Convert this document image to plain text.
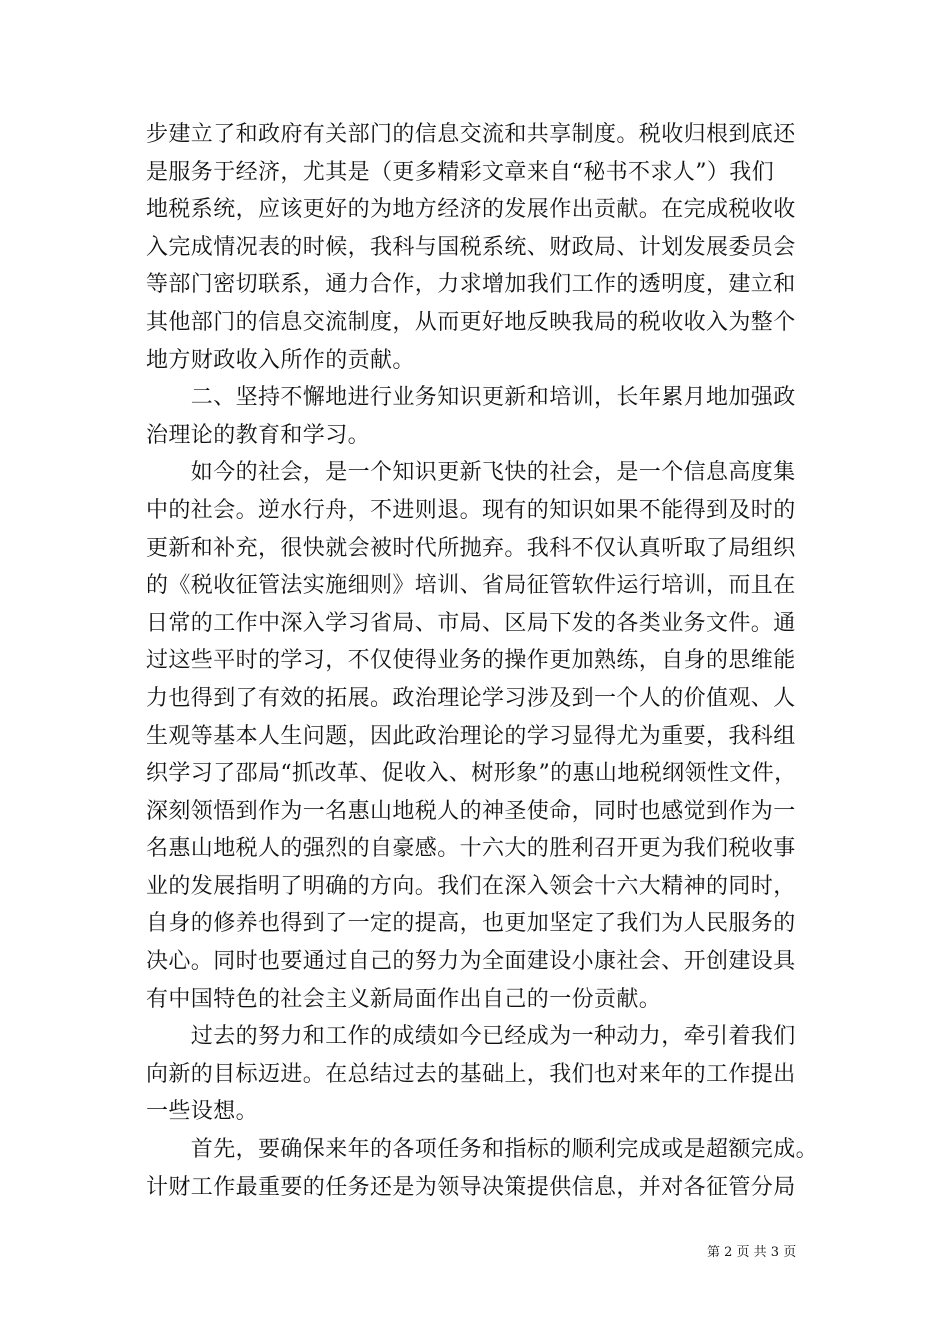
步建立了和政府有关部门的信息交流和共享制度。税收归根到底还
是服务于经济，尤其是（更多精彩文章来自“秘书不求人”）我们
地税系统，应该更好的为地方经济的发展作出贡献。在完成税收收
入完成情况表的时候，我科与国税系统、财政局、计划发展委员会
等部门密切联系，通力合作，力求增加我们工作的透明度，建立和
其他部门的信息交流制度，从而更好地反映我局的税收收入为整个
地方财政收入所作的贡献。
　　二、坚持不懈地进行业务知识更新和培训，长年累月地加强政
治理论的教育和学习。
　　如今的社会，是一个知识更新飞快的社会，是一个信息高度集
中的社会。逆水行舟，不进则退。现有的知识如果不能得到及时的
更新和补充，很快就会被时代所抛弃。我科不仅认真听取了局组织
的《税收征管法实施细则》培训、省局征管软件运行培训，而且在
日常的工作中深入学习省局、市局、区局下发的各类业务文件。通
过这些平时的学习，不仅使得业务的操作更加熟练，自身的思维能
力也得到了有效的拓展。政治理论学习涉及到一个人的价值观、人
生观等基本人生问题，因此政治理论的学习显得尤为重要，我科组
织学习了邵局“抓改革、促收入、树形象”的惠山地税纲领性文件，
深刻领悟到作为一名惠山地税人的神圣使命，同时也感觉到作为一
名惠山地税人的强烈的自豪感。十六大的胜利召开更为我们税收事
业的发展指明了明确的方向。我们在深入领会十六大精神的同时，
自身的修养也得到了一定的提高，也更加坚定了我们为人民服务的
决心。同时也要通过自己的努力为全面建设小康社会、开创建设具
有中国特色的社会主义新局面作出自己的一份贡献。
　　过去的努力和工作的成绩如今已经成为一种动力，牵引着我们
向新的目标迈进。在总结过去的基础上，我们也对来年的工作提出
一些设想。
　　首先，要确保来年的各项任务和指标的顺利完成或是超额完成。
计财工作最重要的任务还是为领导决策提供信息，并对各征管分局
第 2 页 共 3 页
